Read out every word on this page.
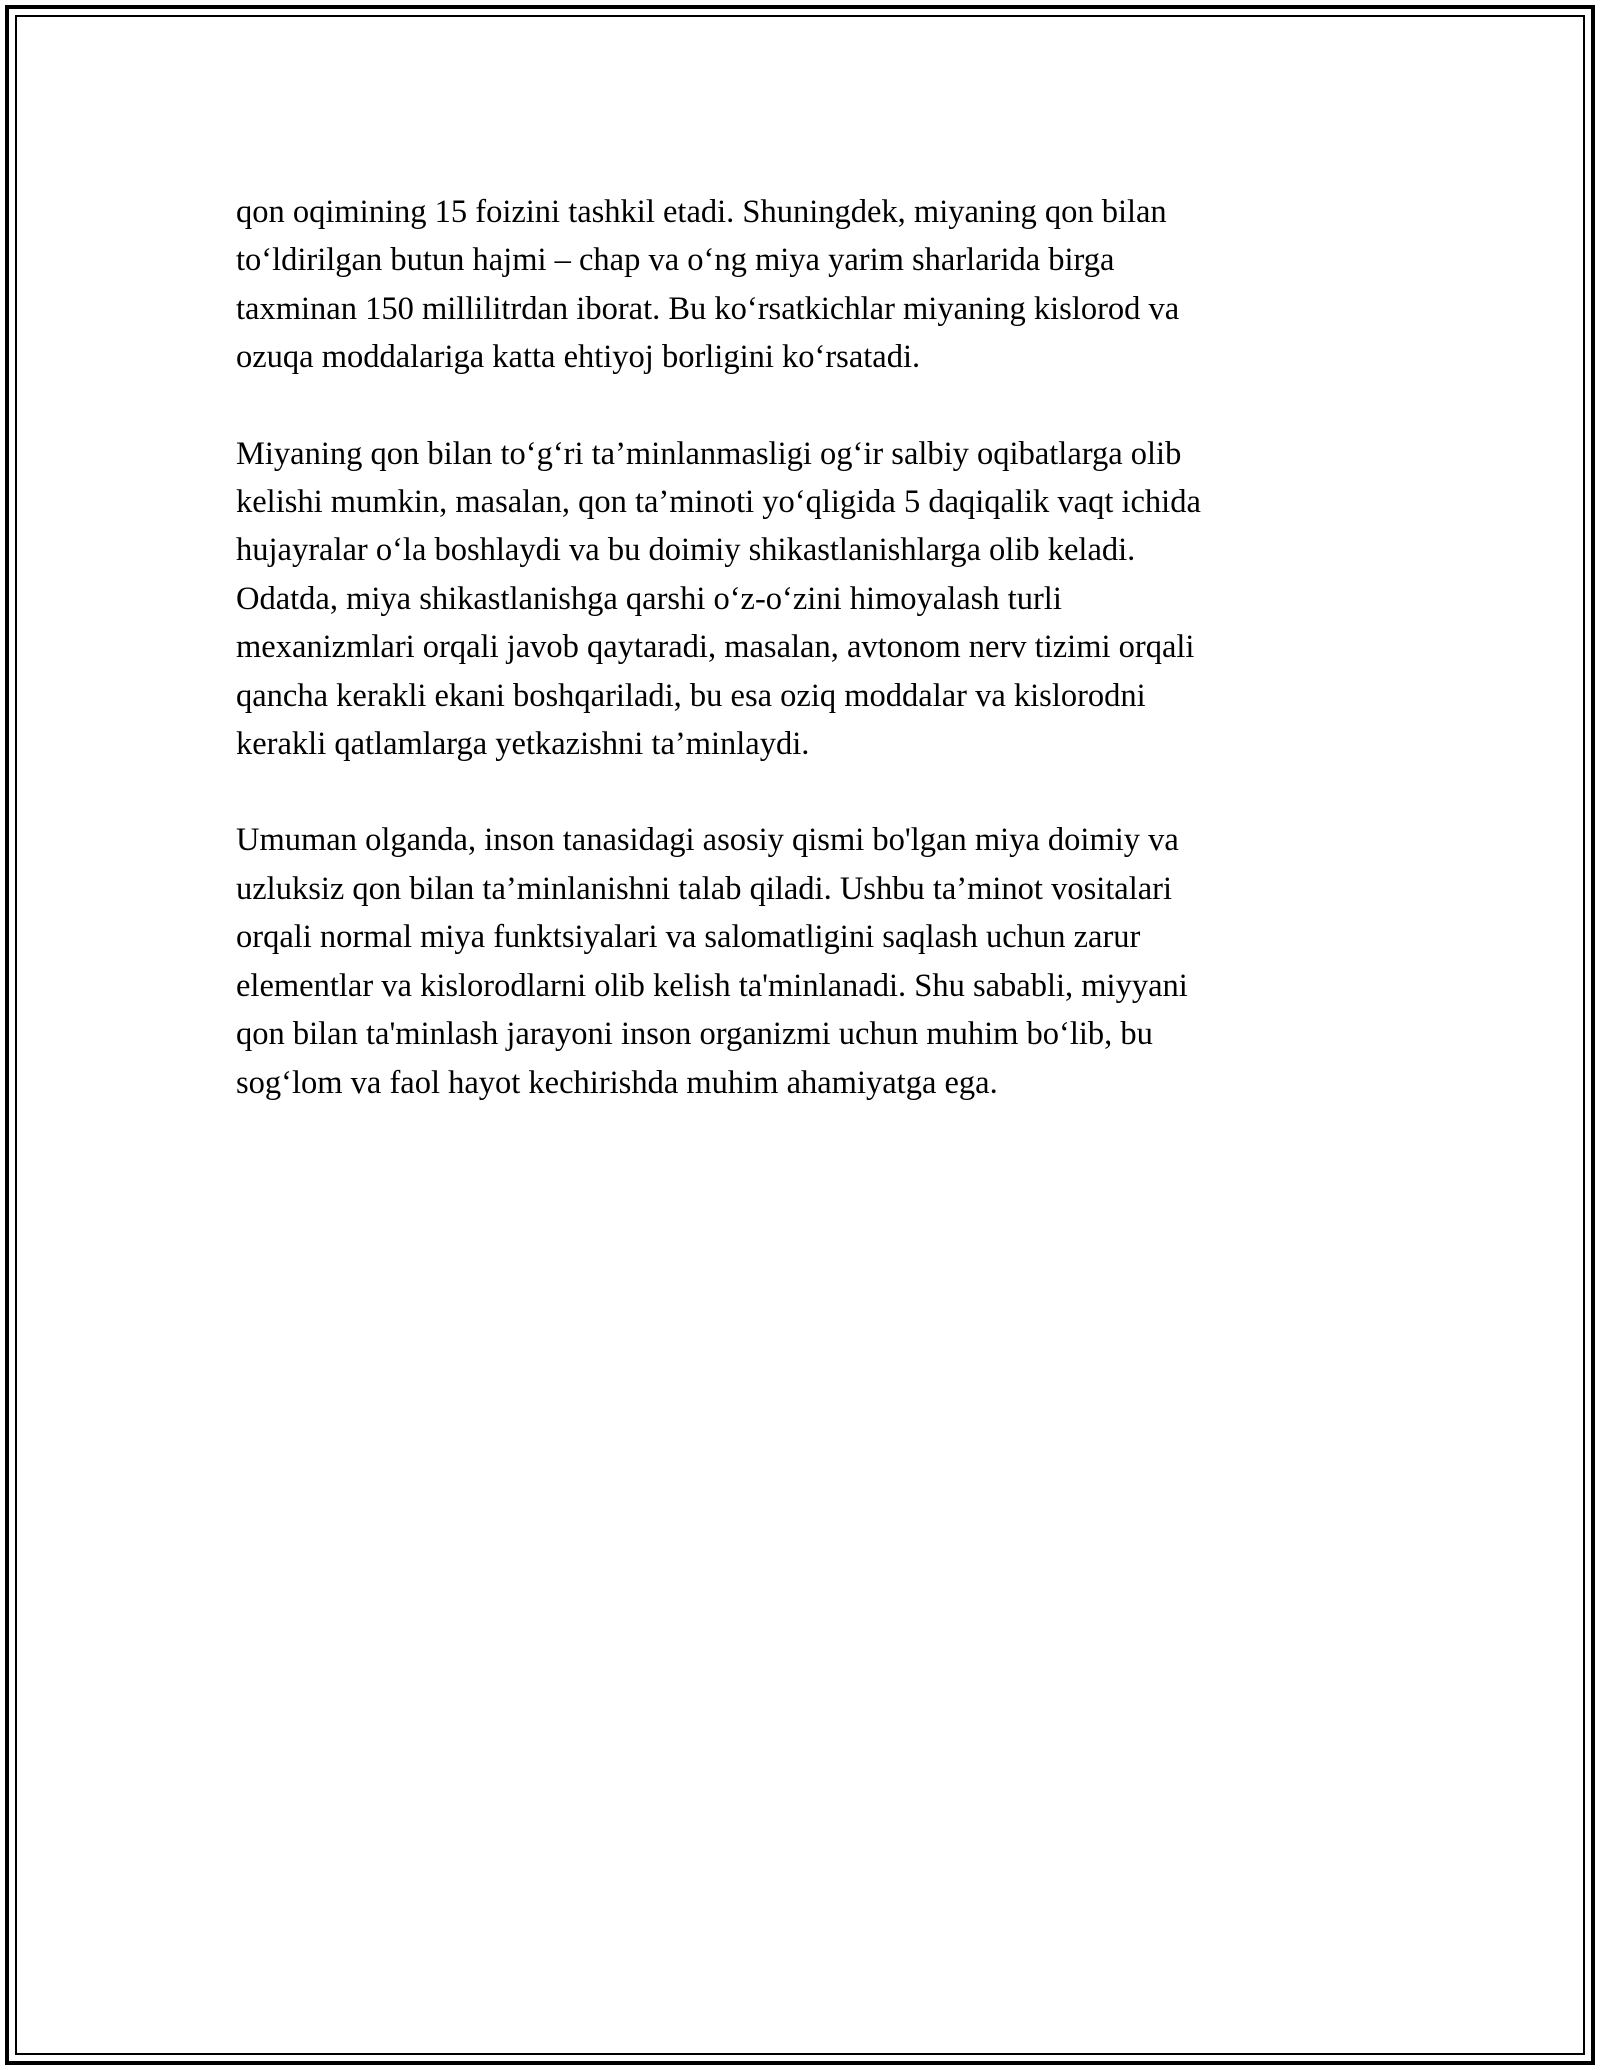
qon oqimining 15 foizini tashkil etadi. Shuningdek, miyaning qon bilan
to‘ldirilgan butun hajmi – chap va o‘ng miya yarim sharlarida birga
taxminan 150 millilitrdan iborat. Bu ko‘rsatkichlar miyaning kislorod va
ozuqa moddalariga katta ehtiyoj borligini ko‘rsatadi.

Miyaning qon bilan to‘g‘ri ta’minlanmasligi og‘ir salbiy oqibatlarga olib
kelishi mumkin, masalan, qon ta’minoti yo‘qligida 5 daqiqalik vaqt ichida
hujayralar o‘la boshlaydi va bu doimiy shikastlanishlarga olib keladi.
Odatda, miya shikastlanishga qarshi o‘z-o‘zini himoyalash turli
mexanizmlari orqali javob qaytaradi, masalan, avtonom nerv tizimi orqali
qancha kerakli ekani boshqariladi, bu esa oziq moddalar va kislorodni
kerakli qatlamlarga yetkazishni ta’minlaydi.

Umuman olganda, inson tanasidagi asosiy qismi bo'lgan miya doimiy va
uzluksiz qon bilan ta’minlanishni talab qiladi. Ushbu ta’minot vositalari
orqali normal miya funktsiyalari va salomatligini saqlash uchun zarur
elementlar va kislorodlarni olib kelish ta'minlanadi. Shu sababli, miyyani
qon bilan ta'minlash jarayoni inson organizmi uchun muhim bo‘lib, bu
sog‘lom va faol hayot kechirishda muhim ahamiyatga ega.
